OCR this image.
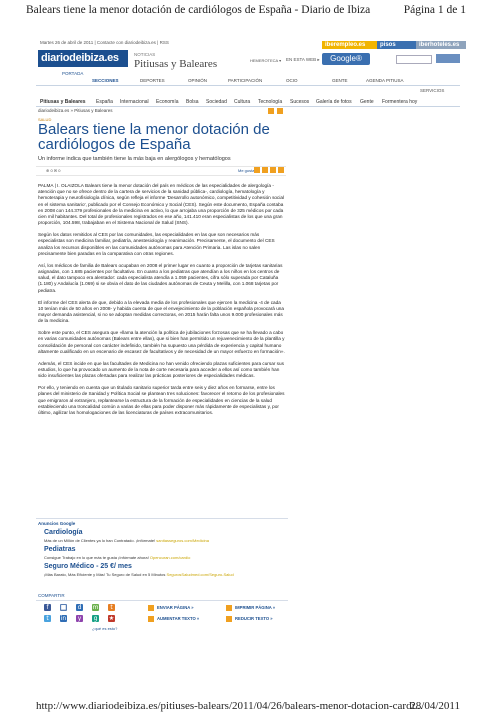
Balears tiene la menor dotación de cardiólogos de España - Diario de Ibiza	Página 1 de 1
Martes 26 de abril de 2011 | Contacte con diariodeibiza.es | RSS
diariodeibiza.es
PORTADA
NOTICIAS
Pitiusas y Baleares
iberempleo.es	pisos	iberhoteles.es
HEMEROTECA ▾ EN ESTA WEB ▸	Google®
SECCIONES	DEPORTES	OPINIÓN	PARTICIPACIÓN	OCIO	GENTE	AGENDA PITIUSA
SERVICIOS
Pitiusas y Baleares España Internacional Economía Bolsa Sociedad Cultura Tecnología Sucesos Galería de fotos Gente Formentera hoy
diariodeibiza.es » Pitiusas y Baleares
SALUD
Balears tiene la menor dotación de cardiólogos de España
Un informe indica que también tiene la más baja en alergólogos y hematólogos
⊕ 0 ✉ 0	Me gusta

PALMA | I. OLAIZOLA Balears tiene la menor dotación del país en médicos de las especialidades de alergología -atención que no se ofrece dentro de la cartera de servicios de la sanidad pública-, cardiología, hematología y hemoterapia y neurofisiología clínica, según refleja el informe 'Desarrollo autonómico, competitividad y cohesión social en el sistema sanitario', publicado por el Consejo Económico y Social (CES). Según este documento, España contaba en 2008 con 144.379 profesionales de la medicina en activo, lo que arrojaba una proporción de 325 médicos por cada cien mil habitantes. Del total de profesionales registrados en ese año, 141.410 eran especialistas de los que una gran proporción, 104.598, trabajaban en el Sistema Nacional de Salud (SNS).

Según los datos remitidos al CES por las comunidades, las especialidades en las que son necesarios más especialistas son medicina familiar, pediatría, anestesiología y reanimación. Precisamente, el documento del CES analiza los recursos disponibles en las comunidades autónomas para Atención Primaria. Las islas no salen precisamente bien paradas en la comparativa con otras regiones.

Así, los médicos de familia de Balears ocupaban en 2008 el primer lugar en cuanto a proporción de tarjetas sanitarias asignadas, con 1.685 pacientes por facultativo. En cuanto a los pediatras que atendían a los niños en los centros de salud, el dato tampoco era alentador: cada especialista atendía a 1.059 pacientes, cifra sólo superada por Cataluña (1.180) y Andalucía (1.069) si se obvia el dato de las ciudades autónomas de Ceuta y Melilla, con 1.068 tarjetas por pediatra.

El informe del CES alerta de que, debido a la elevada media de los profesionales que ejercen la medicina -4 de cada 10 tenían más de 50 años en 2008- y habida cuenta de que el envejecimiento de la población española provocará una mayor demanda asistencial, si no se adoptan medidas correctoras, en 2015 harán falta unos 9.000 profesionales más de la medicina.

Sobre este punto, el CES asegura que «llama la atención la política de jubilaciones forzosas que se ha llevado a cabo en varias comunidades autónomas (Balears entre ellas), que si bien han permitido un rejuvenecimiento de la plantilla y consolidación de personal con carácter indefinido, también ha supuesto una pérdida de experiencia y capital humano altamente cualificado en un escenario de escasez de facultativos y de necesidad de un mayor esfuerzo en formación».

Además, el CES incide en que las facultades de Medicina no han venido ofreciendo plazas suficientes para cursar sus estudios, lo que ha provocado un aumento de la nota de corte necesaria para acceder a ellos así como también han sido insuficientes las plazas ofertadas para realizar las prácticas posteriores de especialidades médicas.

Por ello, y teniendo en cuenta que un titulado sanitario superior tarda entre seis y diez años en formarse, entre los planes del ministerio de Sanidad y Política Social se plantean tres soluciones: favorecer el retorno de los profesionales que emigraron al extranjero, replantearse la estructura de la formación de especialidades en ciencias de la salud estableciendo una troncalidad común a varias de ellas para poder disponer más rápidamente de especialistas y, por último, agilizar las homologaciones de las licenciaturas de países extracomunitarios.

Anuncios Google
Cardiología
Más de un Millón de Clientes ya lo han Contratado. ¡Infórmate! sanitasseguros.com/Medicina
Pediatras
Consigue Trabajo en lo que más te gusta ¡Infórmate ahora! Opencuran.com/cardio
Seguro Médico - 25 €/ mes
¡Más Barato, Más Eficiente y Más! Tu Seguro de Salud en 5 Minutos SegurosSaludmed.com/Seguro-Salud
COMPARTIR
f	■ d m	t
t	in y g ★
ENVIAR PÁGINA »	IMPRIMIR PÁGINA »
AUMENTAR TEXTO »	REDUCIR TEXTO »
¿qué es esto?
http://www.diariodeibiza.es/pitiuses-balears/2011/04/26/balears-menor-dotacion-cardi...
28/04/2011
